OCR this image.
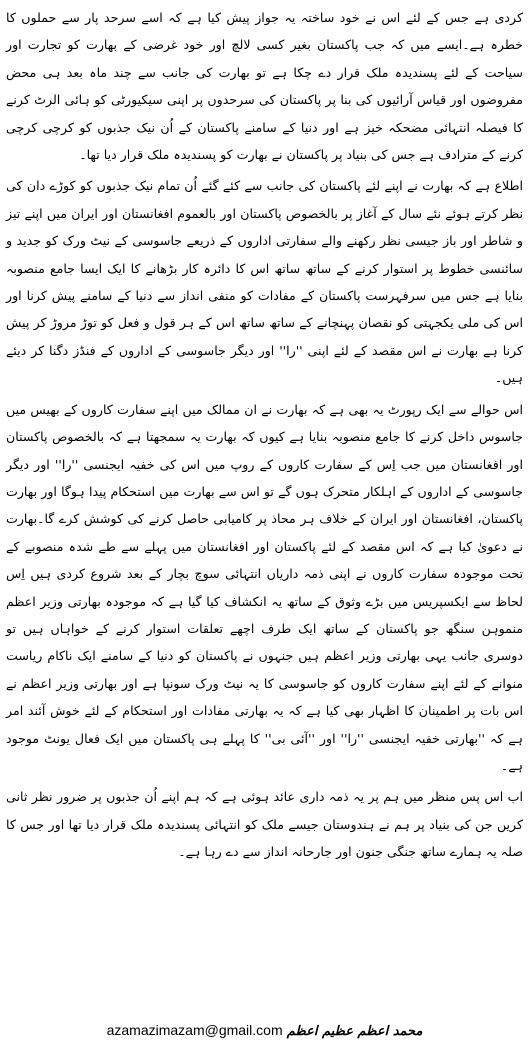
کردی ہے جس کے لئے اس نے خود ساختہ یہ جواز پیش کیا ہے کہ اسے سرحد پار سے حملوں کا خطرہ ہے۔ایسے میں کہ جب پاکستان بغیر کسی لالچ اور خود غرضی کے بھارت کو تجارت اور سیاحت کے لئے پسندیدہ ملک قرار دے چکا ہے تو بھارت کی جانب سے چند ماہ بعد ہی محض مفروضوں اور قیاس آرائیوں کی بنا پر پاکستان کی سرحدوں پر اپنی سیکیورٹی کو ہائی الرٹ کرنے کا فیصلہ انتہائی مضحکہ خیز ہے اور دنیا کے سامنے پاکستان کے اُن نیک جذبوں کو کرچی کرچی کرنے کے مترادف ہے جس کی بنیاد پر پاکستان نے بھارت کو پسندیدہ ملک قرار دیا تھا۔

اطلاع ہے کہ بھارت نے اپنے لئے پاکستان کی جانب سے کئے گئے اُن تمام نیک جذبوں کو کوڑے دان کی نظر کرتے ہوئے نئے سال کے آغاز پر بالخصوص پاکستان اور بالعموم افغانستان اور ایران میں اپنے تیز و شاطر اور باز جیسی نظر رکھنے والے سفارتی اداروں کے ذریعے جاسوسی کے نیٹ ورک کو جدید و سائنسی خطوط پر استوار کرنے کے ساتھ ساتھ اس کا دائرہ کار بڑھانے کا ایک ایسا جامع منصوبہ بنایا ہے جس میں سرفہرست پاکستان کے مفادات کو منفی انداز سے دنیا کے سامنے پیش کرنا اور اس کی ملی یکجہتی کو نقصان پہنچانے کے ساتھ ساتھ اس کے ہر قول و فعل کو توڑ مروڑ کر پیش کرنا ہے بھارت نے اس مقصد کے لئے اپنی ''را'' اور دیگر جاسوسی کے اداروں کے فنڈز دگنا کر دیئے ہیں۔

اس حوالے سے ایک رپورٹ یہ بھی ہے کہ بھارت نے ان ممالک میں اپنے سفارت کاروں کے بھیس میں جاسوس داخل کرنے کا جامع منصوبہ بنایا ہے کیوں کہ بھارت یہ سمجھتا ہے کہ بالخصوص پاکستان اور افغانستان میں جب اِس کے سفارت کاروں کے روپ میں اس کی خفیہ ایجنسی ''را'' اور دیگر جاسوسی کے اداروں کے اہلکار متحرک ہوں گے تو اس سے بھارت میں استحکام پیدا ہوگا اور بھارت پاکستان، افغانستان اور ایران کے خلاف ہر محاذ پر کامیابی حاصل کرنے کی کوشش کرے گا۔بھارت نے دعویٰ کیا ہے کہ اس مقصد کے لئے پاکستان اور افغانستان میں پہلے سے طے شدہ منصوبے کے تحت موجودہ سفارت کاروں نے اپنی ذمہ داریاں انتہائی سوچ بچار کے بعد شروع کردی ہیں اِس لحاظ سے ایکسپریس میں بڑے وثوق کے ساتھ یہ انکشاف کیا گیا ہے کہ موجودہ بھارتی وزیر اعظم منموہن سنگھ جو پاکستان کے ساتھ ایک طرف اچھے تعلقات استوار کرنے کے خواہاں ہیں تو دوسری جانب یہی بھارتی وزیر اعظم ہیں جنہوں نے پاکستان کو دنیا کے سامنے ایک ناکام ریاست منوانے کے لئے اپنے سفارت کاروں کو جاسوسی کا یہ نیٹ ورک سونپا ہے اور بھارتی وزیر اعظم نے اس بات پر اطمینان کا اظہار بھی کیا ہے کہ یہ بھارتی مفادات اور استحکام کے لئے خوش آئند امر ہے کہ ''بھارتی خفیہ ایجنسی ''را'' اور ''آئی بی'' کا پہلے ہی پاکستان میں ایک فعال یونٹ موجود ہے۔

اب اس پس منظر میں ہم پر یہ ذمہ داری عائد ہوئی ہے کہ ہم اپنے اُن جذبوں پر ضرور نظر ثانی کریں جن کی بنیاد پر ہم نے ہندوستان جیسے ملک کو انتہائی پسندیدہ ملک قرار دیا تھا اور جس کا صلہ یہ ہمارے ساتھ جنگی جنون اور جارحانہ انداز سے دے رہا ہے۔

azamazimazam@gmail.com محمد اعظم عظیم اعظم
